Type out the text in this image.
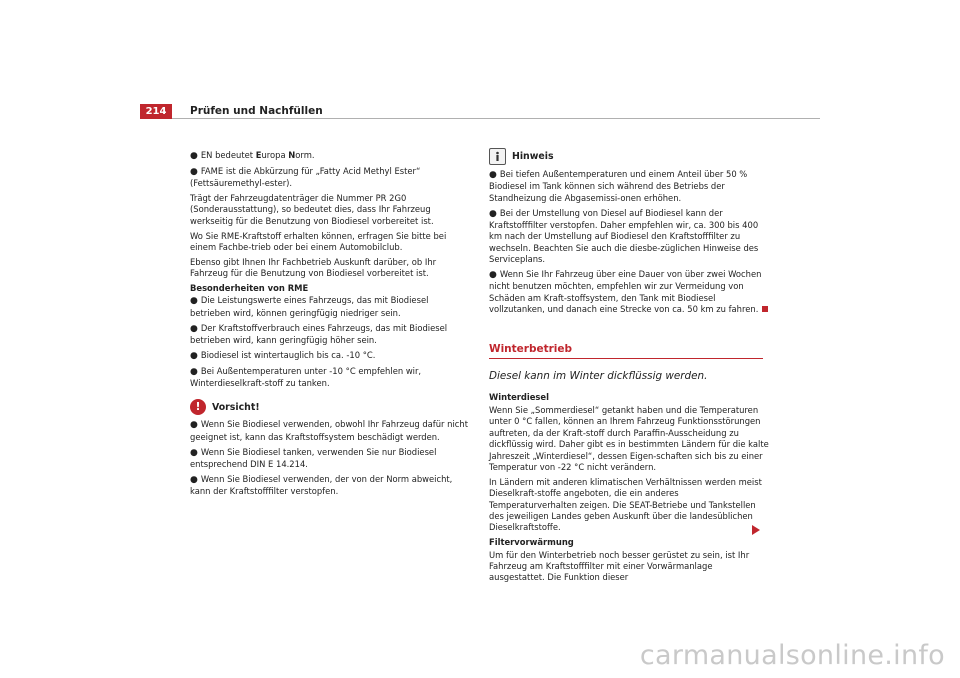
214	Prüfen und Nachfüllen
● EN bedeutet Europa Norm.
● FAME ist die Abkürzung für „Fatty Acid Methyl Ester“ (Fettsäuremethyl-ester).

Trägt der Fahrzeugdatenträger die Nummer PR 2G0 (Sonderausstattung), so bedeutet dies, dass Ihr Fahrzeug werkseitig für die Benutzung von Biodiesel vorbereitet ist.

Wo Sie RME-Kraftstoff erhalten können, erfragen Sie bitte bei einem Fachbe-trieb oder bei einem Automobilclub.

Ebenso gibt Ihnen Ihr Fachbetrieb Auskunft darüber, ob Ihr Fahrzeug für die Benutzung von Biodiesel vorbereitet ist.

Besonderheiten von RME

● Die Leistungswerte eines Fahrzeugs, das mit Biodiesel betrieben wird, können geringfügig niedriger sein.
● Der Kraftstoffverbrauch eines Fahrzeugs, das mit Biodiesel betrieben wird, kann geringfügig höher sein.
● Biodiesel ist wintertauglich bis ca. -10 °C.
● Bei Außentemperaturen unter -10 °C empfehlen wir, Winterdieselkraft-stoff zu tanken.
!	Vorsicht!
● Wenn Sie Biodiesel verwenden, obwohl Ihr Fahrzeug dafür nicht geeignet ist, kann das Kraftstoffsystem beschädigt werden.
● Wenn Sie Biodiesel tanken, verwenden Sie nur Biodiesel entsprechend DIN E 14.214.
● Wenn Sie Biodiesel verwenden, der von der Norm abweicht, kann der Kraftstofffilter verstopfen.
Hinweis
● Bei tiefen Außentemperaturen und einem Anteil über 50 % Biodiesel im Tank können sich während des Betriebs der Standheizung die Abgasemissi-onen erhöhen.
● Bei der Umstellung von Diesel auf Biodiesel kann der Kraftstofffilter verstopfen. Daher empfehlen wir, ca. 300 bis 400 km nach der Umstellung auf Biodiesel den Kraftstofffilter zu wechseln. Beachten Sie auch die diesbe-züglichen Hinweise des Serviceplans.
● Wenn Sie Ihr Fahrzeug über eine Dauer von über zwei Wochen nicht benutzen möchten, empfehlen wir zur Vermeidung von Schäden am Kraft-stoffsystem, den Tank mit Biodiesel vollzutanken, und danach eine Strecke von ca. 50 km zu fahren.
Winterbetrieb
Diesel kann im Winter dickflüssig werden.

Winterdiesel

Wenn Sie „Sommerdiesel“ getankt haben und die Temperaturen unter 0 °C fallen, können an Ihrem Fahrzeug Funktionsstörungen auftreten, da der Kraft-stoff durch Paraffin-Ausscheidung zu dickflüssig wird. Daher gibt es in bestimmten Ländern für die kalte Jahreszeit „Winterdiesel“, dessen Eigen-schaften sich bis zu einer Temperatur von -22 °C nicht verändern.

In Ländern mit anderen klimatischen Verhältnissen werden meist Dieselkraft-stoffe angeboten, die ein anderes Temperaturverhalten zeigen. Die SEAT-Betriebe und Tankstellen des jeweiligen Landes geben Auskunft über die landesüblichen Dieselkraftstoffe.

Filtervorwärmung

Um für den Winterbetrieb noch besser gerüstet zu sein, ist Ihr Fahrzeug am Kraftstofffilter mit einer Vorwärmanlage ausgestattet. Die Funktion dieser

carmanualsonline.info
